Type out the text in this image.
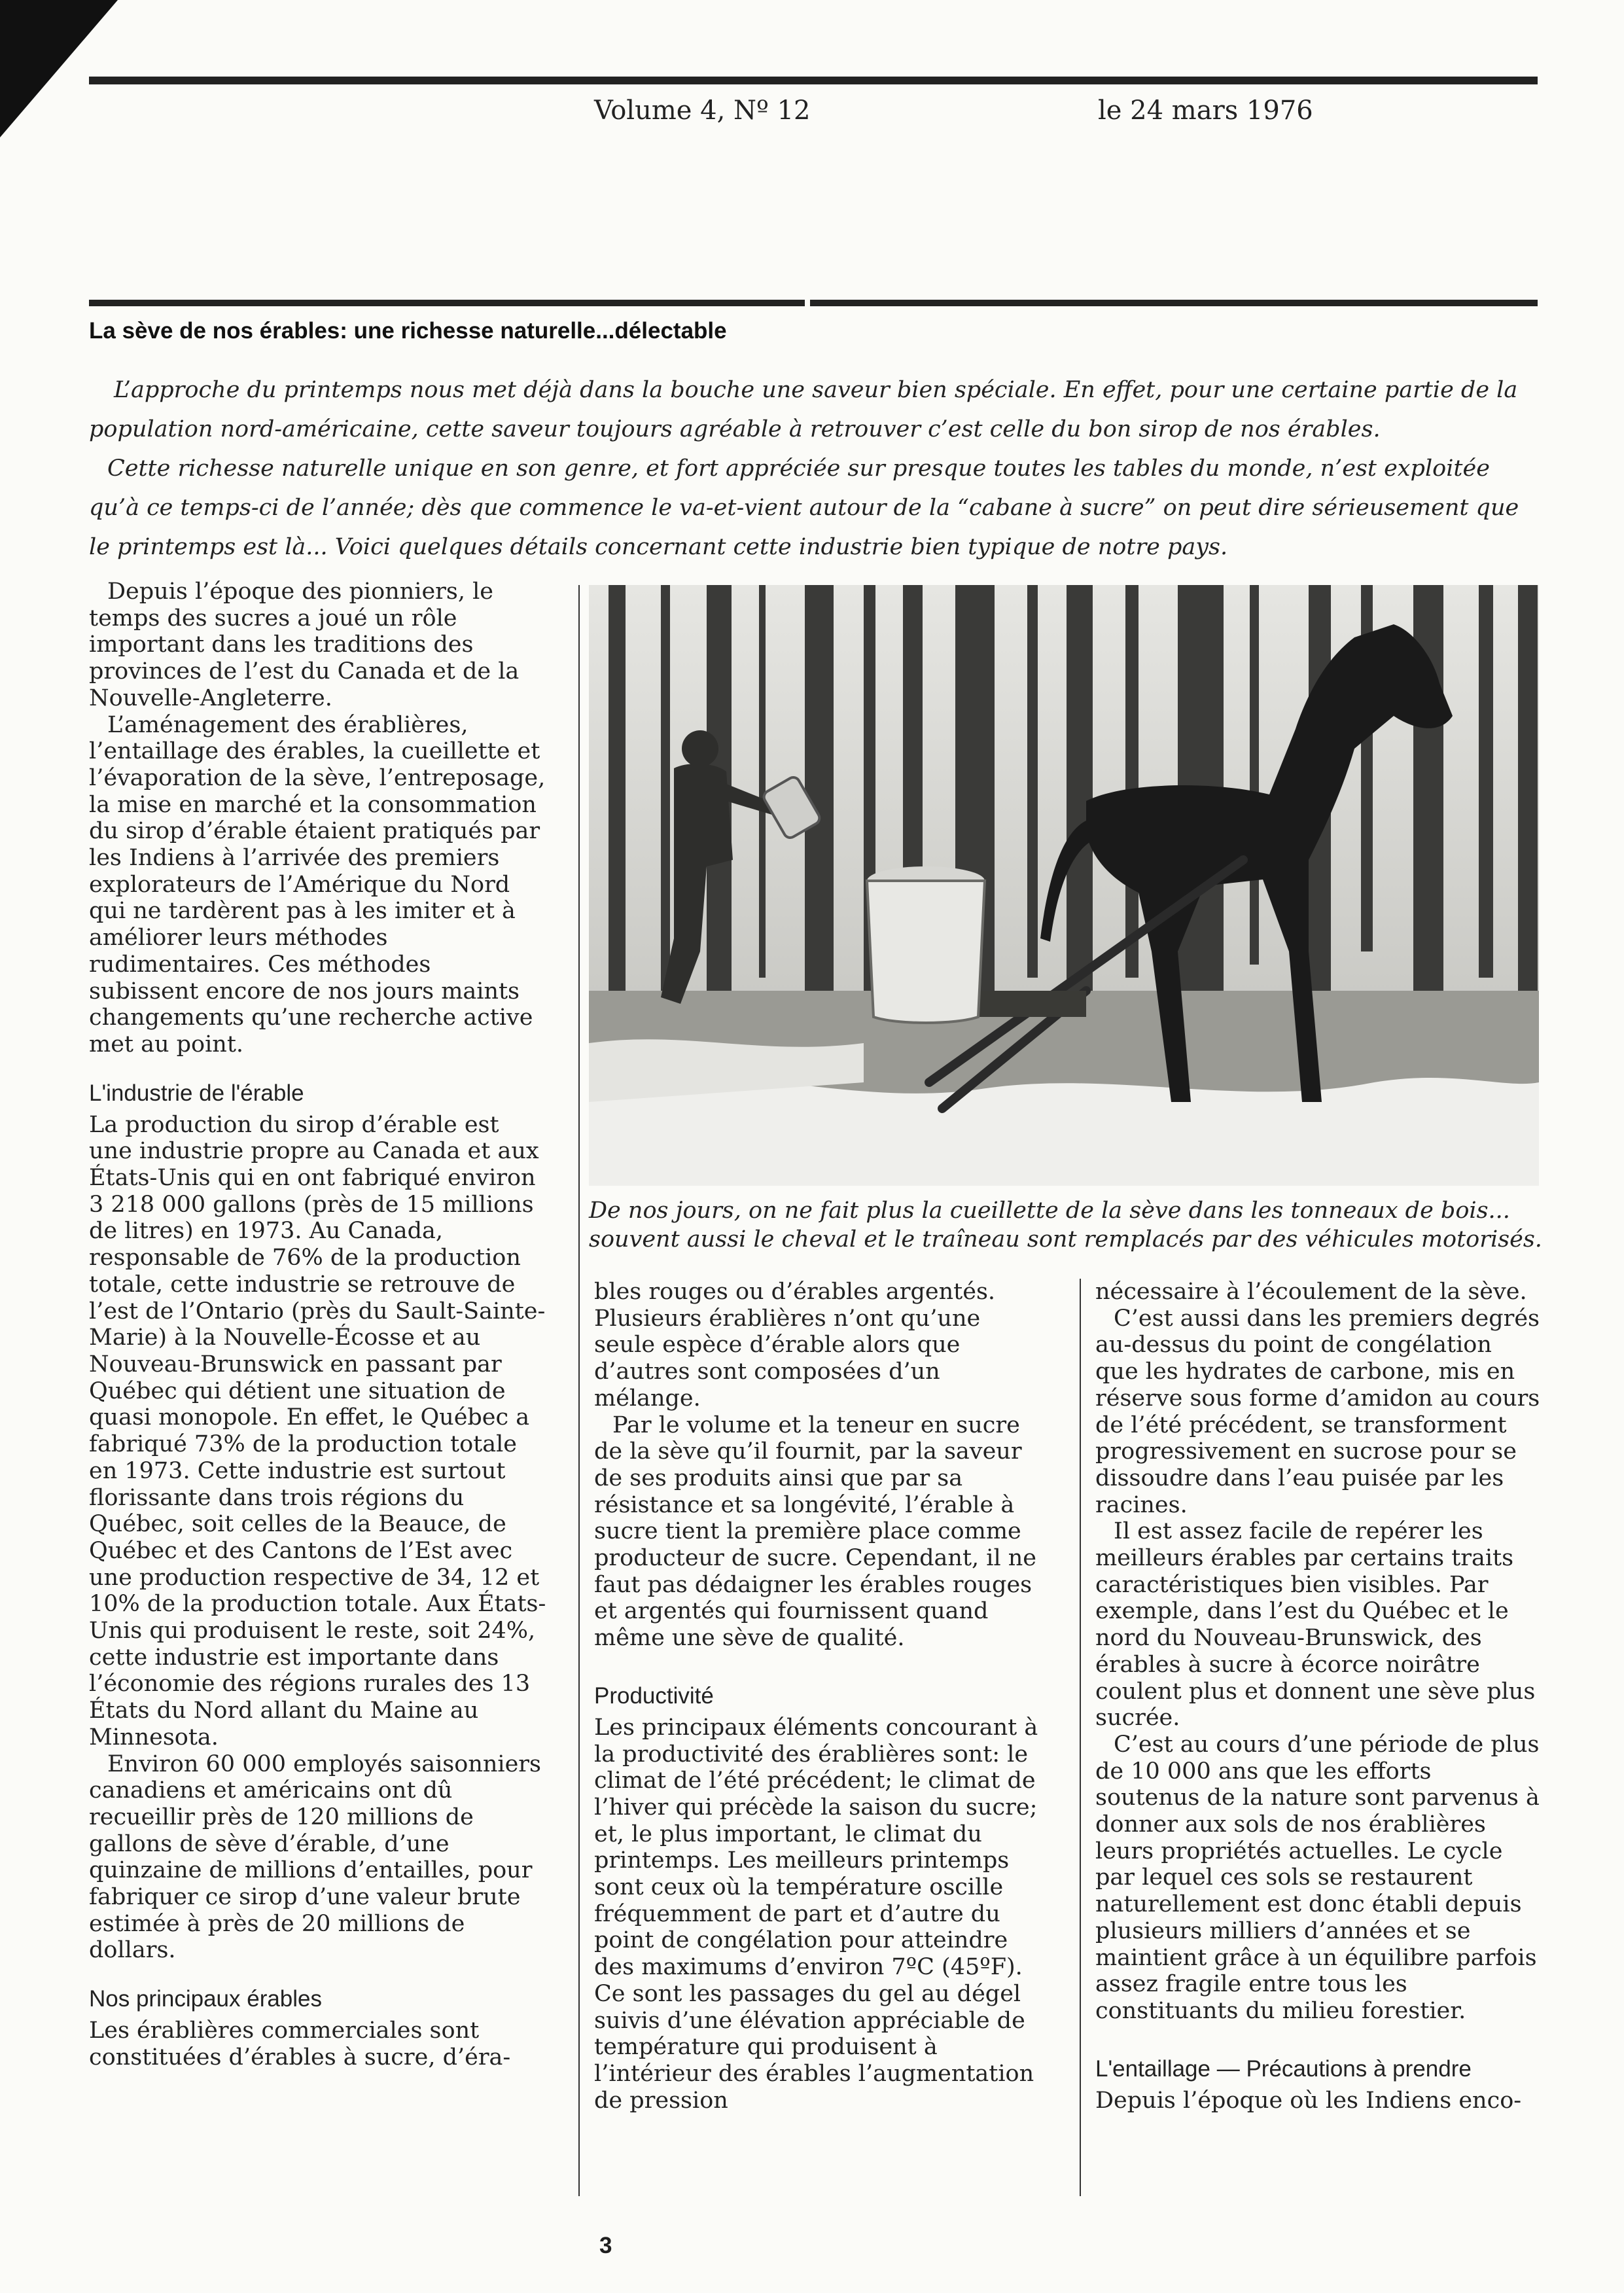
Volume 4, Nº 12	le 24 mars 1976
La sève de nos érables: une richesse naturelle...délectable

L’approche du printemps nous met déjà dans la bouche une saveur bien spéciale. En effet, pour une certaine partie de la population nord-américaine, cette saveur toujours agréable à retrouver c’est celle du bon sirop de nos érables.

Cette richesse naturelle unique en son genre, et fort appréciée sur presque toutes les tables du monde, n’est exploitée qu’à ce temps-ci de l’année; dès que commence le va-et-vient autour de la “cabane à sucre” on peut dire sérieusement que le printemps est là... Voici quelques détails concernant cette industrie bien typique de notre pays.

Depuis l’époque des pionniers, le temps des sucres a joué un rôle important dans les traditions des provinces de l’est du Canada et de la Nouvelle-Angleterre.

L’aménagement des érablières, l’entaillage des érables, la cueillette et l’évaporation de la sève, l’entreposage, la mise en marché et la consommation du sirop d’érable étaient pratiqués par les Indiens à l’arrivée des premiers explorateurs de l’Amérique du Nord qui ne tardèrent pas à les imiter et à améliorer leurs méthodes rudimentaires. Ces méthodes subissent encore de nos jours maints changements qu’une recherche active met au point.

L'industrie de l'érable

La production du sirop d’érable est une industrie propre au Canada et aux États-Unis qui en ont fabriqué environ 3 218 000 gallons (près de 15 millions de litres) en 1973. Au Canada, responsable de 76% de la production totale, cette industrie se retrouve de l’est de l’Ontario (près du Sault-Sainte-Marie) à la Nouvelle-Écosse et au Nouveau-Brunswick en passant par Québec qui détient une situation de quasi monopole. En effet, le Québec a fabriqué 73% de la production totale en 1973. Cette industrie est surtout florissante dans trois régions du Québec, soit celles de la Beauce, de Québec et des Cantons de l’Est avec une production respective de 34, 12 et 10% de la production totale. Aux États-Unis qui produisent le reste, soit 24%, cette industrie est importante dans l’économie des régions rurales des 13 États du Nord allant du Maine au Minnesota.

Environ 60 000 employés saisonniers canadiens et américains ont dû recueillir près de 120 millions de gallons de sève d’érable, d’une quinzaine de millions d’entailles, pour fabriquer ce sirop d’une valeur brute estimée à près de 20 millions de dollars.

Nos principaux érables

Les érablières commerciales sont constituées d’érables à sucre, d’éra-

De nos jours, on ne fait plus la cueillette de la sève dans les tonneaux de bois... souvent aussi le cheval et le traîneau sont remplacés par des véhicules motorisés.

bles rouges ou d’érables argentés. Plusieurs érablières n’ont qu’une seule espèce d’érable alors que d’autres sont composées d’un mélange.

Par le volume et la teneur en sucre de la sève qu’il fournit, par la saveur de ses produits ainsi que par sa résistance et sa longévité, l’érable à sucre tient la première place comme producteur de sucre. Cependant, il ne faut pas dédaigner les érables rouges et argentés qui fournissent quand même une sève de qualité.

Productivité

Les principaux éléments concourant à la productivité des érablières sont: le climat de l’été précédent; le climat de l’hiver qui précède la saison du sucre; et, le plus important, le climat du printemps. Les meilleurs printemps sont ceux où la température oscille fréquemment de part et d’autre du point de congélation pour atteindre des maximums d’environ 7ºC (45ºF). Ce sont les passages du gel au dégel suivis d’une élévation appréciable de température qui produisent à l’intérieur des érables l’augmentation de pression

nécessaire à l’écoulement de la sève.

C’est aussi dans les premiers degrés au-dessus du point de congélation que les hydrates de carbone, mis en réserve sous forme d’amidon au cours de l’été précédent, se transforment progressivement en sucrose pour se dissoudre dans l’eau puisée par les racines.

Il est assez facile de repérer les meilleurs érables par certains traits caractéristiques bien visibles. Par exemple, dans l’est du Québec et le nord du Nouveau-Brunswick, des érables à sucre à écorce noirâtre coulent plus et donnent une sève plus sucrée.

C’est au cours d’une période de plus de 10 000 ans que les efforts soutenus de la nature sont parvenus à donner aux sols de nos érablières leurs propriétés actuelles. Le cycle par lequel ces sols se restaurent naturellement est donc établi depuis plusieurs milliers d’années et se maintient grâce à un équilibre parfois assez fragile entre tous les constituants du milieu forestier.

L'entaillage — Précautions à prendre

Depuis l’époque où les Indiens enco-

3
